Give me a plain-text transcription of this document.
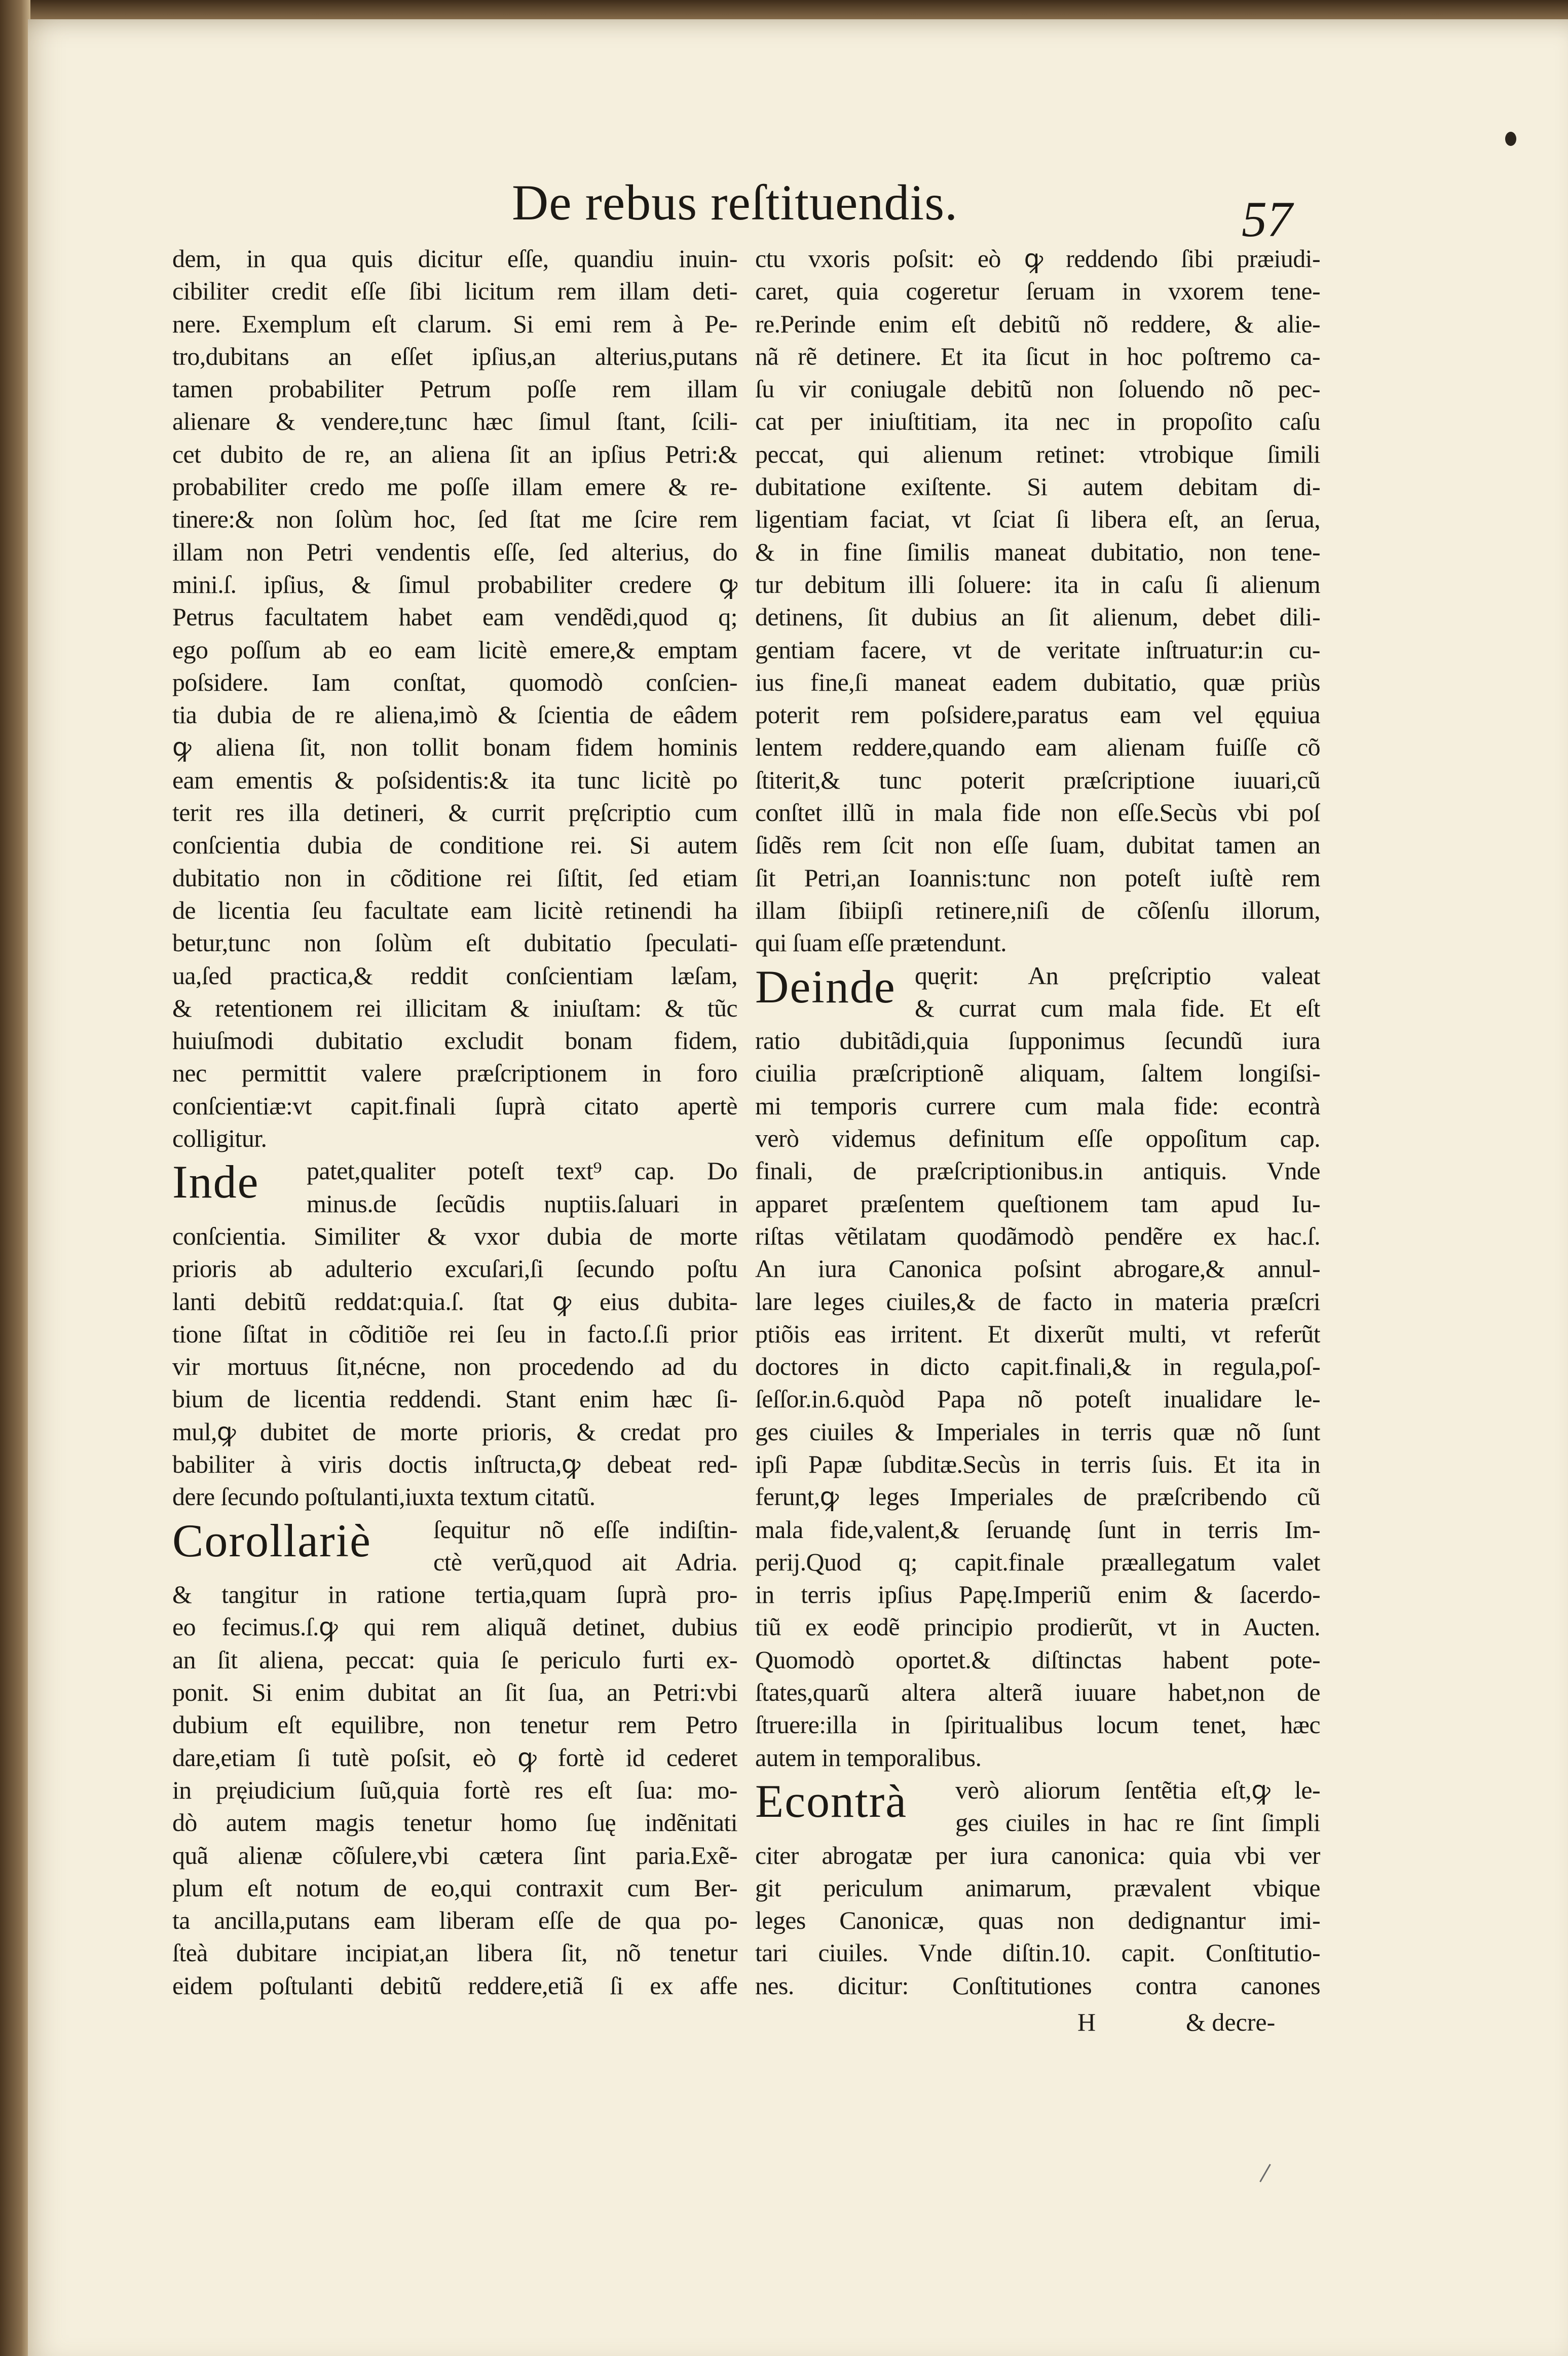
De rebus reſtituendis.	57
dem, in qua quis dicitur eſſe, quandiu inuin-
cibiliter credit eſſe ſibi licitum rem illam deti-
nere. Exemplum eſt clarum. Si emi rem à Pe-
tro,dubitans an eſſet ipſius,an alterius,putans
tamen probabiliter Petrum poſſe rem illam
alienare & vendere,tunc hæc ſimul ſtant, ſcili-
cet dubito de re, an aliena ſit an ipſius Petri:&
probabiliter credo me poſſe illam emere & re-
tinere:& non ſolùm hoc, ſed ſtat me ſcire rem
illam non Petri vendentis eſſe, ſed alterius, do
mini.ſ. ipſius, & ſimul probabiliter credere ꝙ
Petrus facultatem habet eam vendẽdi,quod q;
ego poſſum ab eo eam licitè emere,& emptam
poſsidere. Iam conſtat, quomodò conſcien-
tia dubia de re aliena,imò & ſcientia de eâdem
ꝙ aliena ſit, non tollit bonam fidem hominis
eam ementis & poſsidentis:& ita tunc licitè po
terit res illa detineri, & currit pręſcriptio cum
conſcientia dubia de conditione rei. Si autem
dubitatio non in cõditione rei ſiſtit, ſed etiam
de licentia ſeu facultate eam licitè retinendi ha
betur,tunc non ſolùm eſt dubitatio ſpeculati-
ua,ſed practica,& reddit conſcientiam læſam,
& retentionem rei illicitam & iniuſtam: & tũc
huiuſmodi dubitatio excludit bonam fidem,
nec permittit valere præſcriptionem in foro
conſcientiæ:vt capit.finali ſuprà citato apertè
colligitur.
Inde patet,qualiter poteſt text⁹ cap. Do
minus.de ſecũdis nuptiis.ſaluari in
conſcientia. Similiter & vxor dubia de morte
prioris ab adulterio excuſari,ſi ſecundo poſtu
lanti debitũ reddat:quia.ſ. ſtat ꝙ eius dubita-
tione ſiſtat in cõditiõe rei ſeu in facto.ſ.ſi prior
vir mortuus ſit,nécne, non procedendo ad du
bium de licentia reddendi. Stant enim hæc ſi-
mul,ꝙ dubitet de morte prioris, & credat pro
babiliter à viris doctis inſtructa,ꝙ debeat red-
dere ſecundo poſtulanti,iuxta textum citatũ.
Corollariè ſequitur nõ eſſe indiſtin-
ctè verũ,quod ait Adria.
& tangitur in ratione tertia,quam ſuprà pro-
eo fecimus.ſ.ꝙ qui rem aliquã detinet, dubius
an ſit aliena, peccat: quia ſe periculo furti ex-
ponit. Si enim dubitat an ſit ſua, an Petri:vbi
dubium eſt equilibre, non tenetur rem Petro
dare,etiam ſi tutè poſsit, eò ꝙ fortè id cederet
in pręiudicium ſuũ,quia fortè res eſt ſua: mo-
dò autem magis tenetur homo ſuę indẽnitati
quã alienæ cõſulere,vbi cætera ſint paria.Exẽ-
plum eſt notum de eo,qui contraxit cum Ber-
ta ancilla,putans eam liberam eſſe de qua po-
ſteà dubitare incipiat,an libera ſit, nõ tenetur
eidem poſtulanti debitũ reddere,etiã ſi ex affe
ctu vxoris poſsit: eò ꝙ reddendo ſibi præiudi-
caret, quia cogeretur ſeruam in vxorem tene-
re.Perinde enim eſt debitũ nõ reddere, & alie-
nã rẽ detinere. Et ita ſicut in hoc poſtremo ca-
ſu vir coniugale debitũ non ſoluendo nõ pec-
cat per iniuſtitiam, ita nec in propoſito caſu
peccat, qui alienum retinet: vtrobique ſimili
dubitatione exiſtente. Si autem debitam di-
ligentiam faciat, vt ſciat ſi libera eſt, an ſerua,
& in fine ſimilis maneat dubitatio, non tene-
tur debitum illi ſoluere: ita in caſu ſi alienum
detinens, ſit dubius an ſit alienum, debet dili-
gentiam facere, vt de veritate inſtruatur:in cu-
ius fine,ſi maneat eadem dubitatio, quæ priùs
poterit rem poſsidere,paratus eam vel ęquiua
lentem reddere,quando eam alienam fuiſſe cõ
ſtiterit,& tunc poterit præſcriptione iuuari,cũ
conſtet illũ in mala fide non eſſe.Secùs vbi poſ
ſidẽs rem ſcit non eſſe ſuam, dubitat tamen an
ſit Petri,an Ioannis:tunc non poteſt iuſtè rem
illam ſibiipſi retinere,niſi de cõſenſu illorum,
qui ſuam eſſe prætendunt.
Deinde quęrit: An pręſcriptio valeat
& currat cum mala fide. Et eſt
ratio dubitãdi,quia ſupponimus ſecundũ iura
ciuilia præſcriptionẽ aliquam, ſaltem longiſsi-
mi temporis currere cum mala fide: econtrà
verò videmus definitum eſſe oppoſitum cap.
finali, de præſcriptionibus.in antiquis. Vnde
apparet præſentem queſtionem tam apud Iu-
riſtas vẽtilatam quodãmodò pendẽre ex hac.ſ.
An iura Canonica poſsint abrogare,& annul-
lare leges ciuiles,& de facto in materia præſcri
ptiõis eas irritent. Et dixerũt multi, vt referũt
doctores in dicto capit.finali,& in regula,poſ-
ſeſſor.in.6.quòd Papa nõ poteſt inualidare le-
ges ciuiles & Imperiales in terris quæ nõ ſunt
ipſi Papæ ſubditæ.Secùs in terris ſuis. Et ita in
ferunt,ꝙ leges Imperiales de præſcribendo cũ
mala fide,valent,& ſeruandę ſunt in terris Im-
perij.Quod q; capit.finale præallegatum valet
in terris ipſius Papę.Imperiũ enim & ſacerdo-
tiũ ex eodẽ principio prodierũt, vt in Aucten.
Quomodò oportet.& diſtinctas habent pote-
ſtates,quarũ altera alterã iuuare habet,non de
ſtruere:illa in ſpiritualibus locum tenet, hæc
autem in temporalibus.
Econtrà verò aliorum ſentẽtia eſt,ꝙ le-
ges ciuiles in hac re ſint ſimpli
citer abrogatæ per iura canonica: quia vbi ver
git periculum animarum, prævalent vbique
leges Canonicæ, quas non dedignantur imi-
tari ciuiles. Vnde diſtin.10. capit. Conſtitutio-
nes. dicitur: Conſtitutiones contra canones
H	& decre-
